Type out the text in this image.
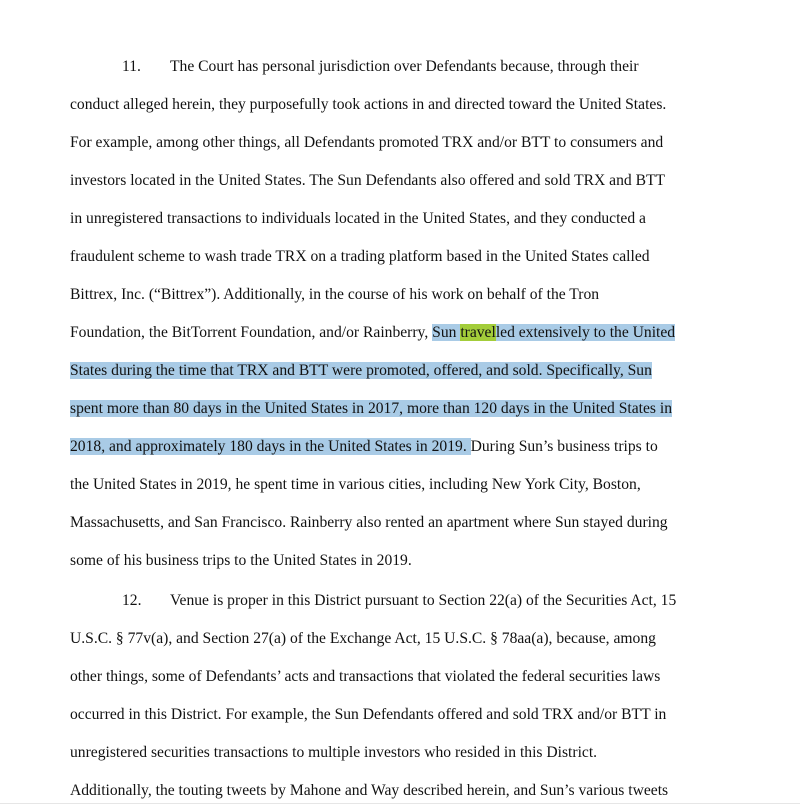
11. The Court has personal jurisdiction over Defendants because, through their
conduct alleged herein, they purposefully took actions in and directed toward the United States.
For example, among other things, all Defendants promoted TRX and/or BTT to consumers and
investors located in the United States. The Sun Defendants also offered and sold TRX and BTT
in unregistered transactions to individuals located in the United States, and they conducted a
fraudulent scheme to wash trade TRX on a trading platform based in the United States called
Bittrex, Inc. (“Bittrex”). Additionally, in the course of his work on behalf of the Tron
Foundation, the BitTorrent Foundation, and/or Rainberry, Sun travelled extensively to the United
States during the time that TRX and BTT were promoted, offered, and sold. Specifically, Sun
spent more than 80 days in the United States in 2017, more than 120 days in the United States in
2018, and approximately 180 days in the United States in 2019. During Sun’s business trips to
the United States in 2019, he spent time in various cities, including New York City, Boston,
Massachusetts, and San Francisco. Rainberry also rented an apartment where Sun stayed during
some of his business trips to the United States in 2019.
12. Venue is proper in this District pursuant to Section 22(a) of the Securities Act, 15
U.S.C. § 77v(a), and Section 27(a) of the Exchange Act, 15 U.S.C. § 78aa(a), because, among
other things, some of Defendants’ acts and transactions that violated the federal securities laws
occurred in this District. For example, the Sun Defendants offered and sold TRX and/or BTT in
unregistered securities transactions to multiple investors who resided in this District.
Additionally, the touting tweets by Mahone and Way described herein, and Sun’s various tweets
